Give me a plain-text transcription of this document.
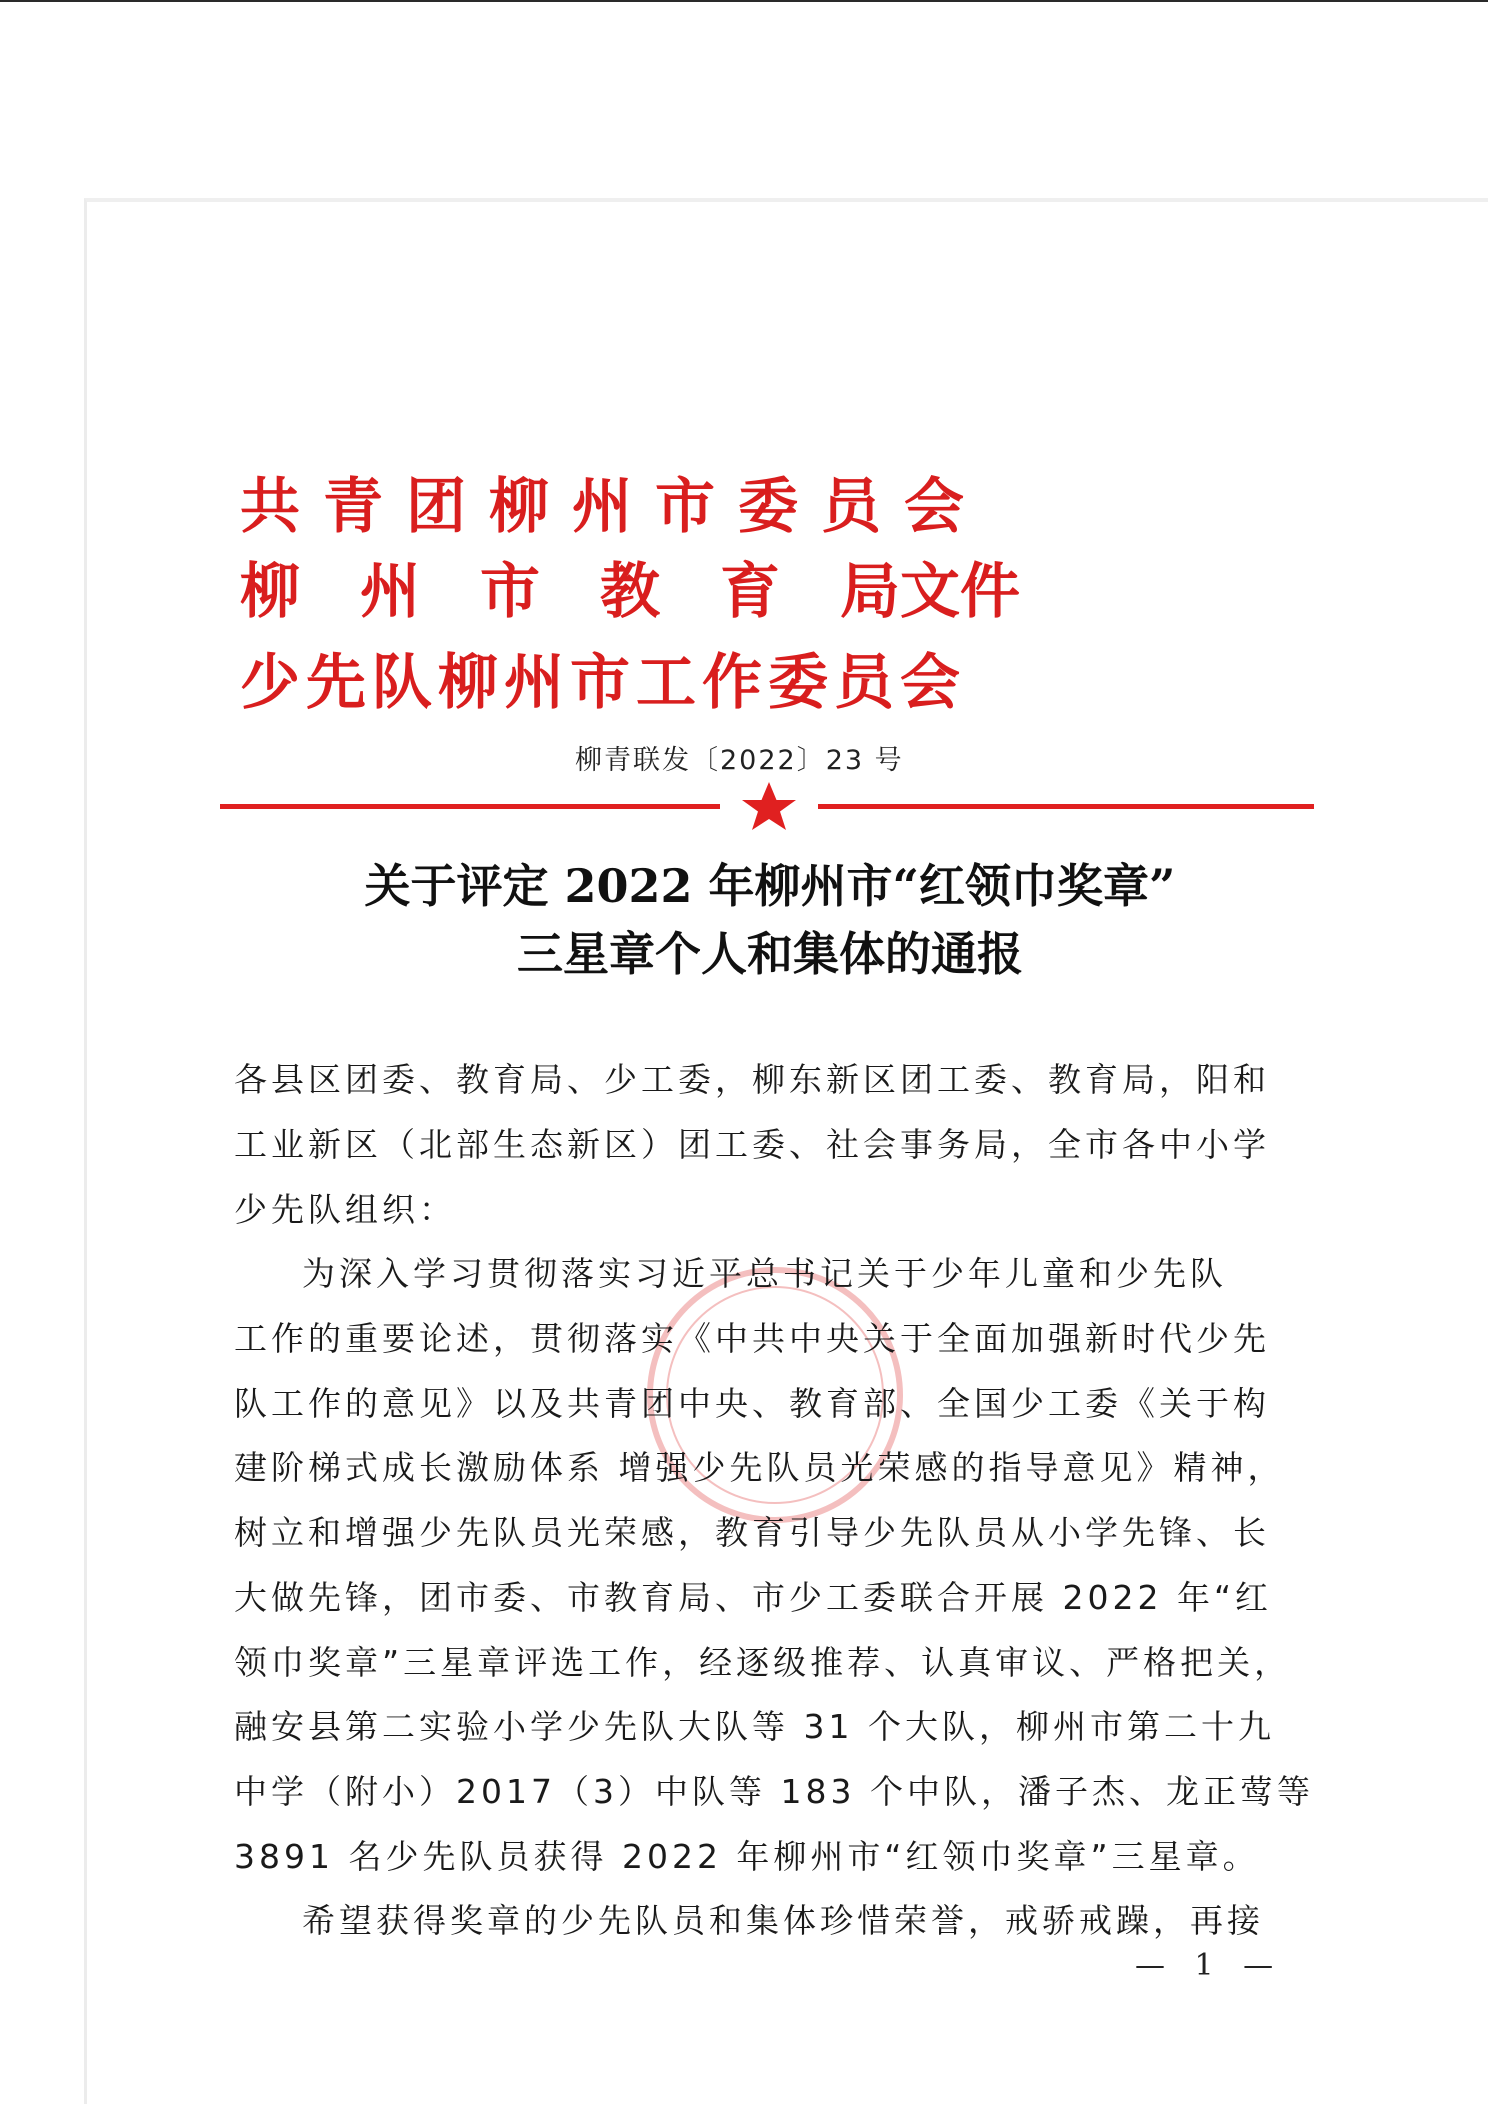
共青团柳州市委员会
柳　州　市　教　育　局文件
少先队柳州市工作委员会
柳青联发〔2022〕23 号
关于评定 2022 年柳州市“红领巾奖章”
三星章个人和集体的通报
各县区团委、教育局、少工委，柳东新区团工委、教育局，阳和
工业新区（北部生态新区）团工委、社会事务局，全市各中小学
少先队组织：
为深入学习贯彻落实习近平总书记关于少年儿童和少先队
工作的重要论述，贯彻落实《中共中央关于全面加强新时代少先
队工作的意见》以及共青团中央、教育部、全国少工委《关于构
建阶梯式成长激励体系 增强少先队员光荣感的指导意见》精神，
树立和增强少先队员光荣感，教育引导少先队员从小学先锋、长
大做先锋，团市委、市教育局、市少工委联合开展 2022 年“红
领巾奖章”三星章评选工作，经逐级推荐、认真审议、严格把关，
融安县第二实验小学少先队大队等 31 个大队，柳州市第二十九
中学（附小）2017（3）中队等 183 个中队，潘子杰、龙正莺等
3891 名少先队员获得 2022 年柳州市“红领巾奖章”三星章。
希望获得奖章的少先队员和集体珍惜荣誉，戒骄戒躁，再接
— 1 —
